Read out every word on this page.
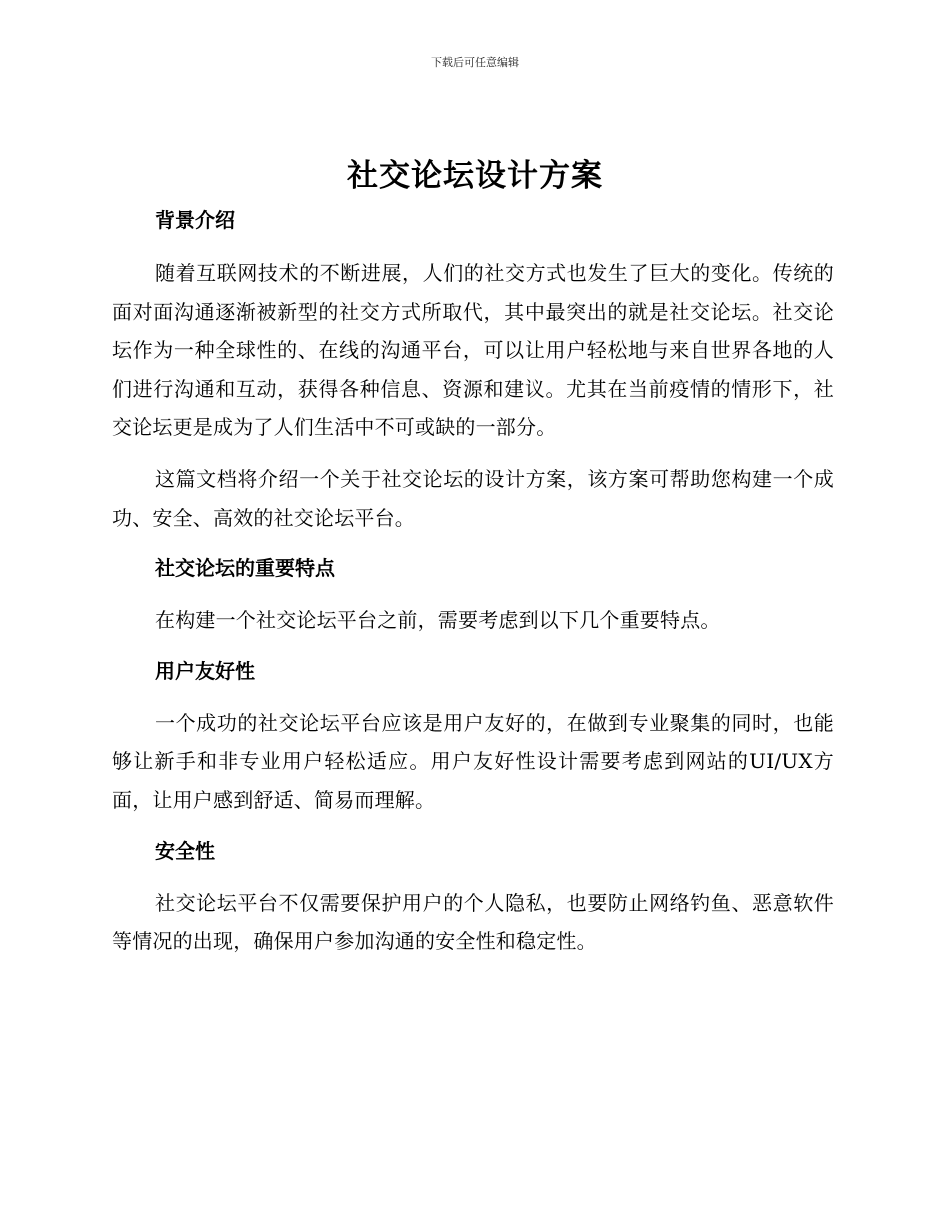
下载后可任意编辑
社交论坛设计方案
背景介绍

随着互联网技术的不断进展，人们的社交方式也发生了巨大的变化。传统的面对面沟通逐渐被新型的社交方式所取代，其中最突出的就是社交论坛。社交论坛作为一种全球性的、在线的沟通平台，可以让用户轻松地与来自世界各地的人们进行沟通和互动，获得各种信息、资源和建议。尤其在当前疫情的情形下，社交论坛更是成为了人们生活中不可或缺的一部分。

这篇文档将介绍一个关于社交论坛的设计方案，该方案可帮助您构建一个成功、安全、高效的社交论坛平台。

社交论坛的重要特点

在构建一个社交论坛平台之前，需要考虑到以下几个重要特点。

用户友好性

一个成功的社交论坛平台应该是用户友好的，在做到专业聚集的同时，也能够让新手和非专业用户轻松适应。用户友好性设计需要考虑到网站的UI/UX方面，让用户感到舒适、简易而理解。

安全性

社交论坛平台不仅需要保护用户的个人隐私，也要防止网络钓鱼、恶意软件等情况的出现，确保用户参加沟通的安全性和稳定性。
